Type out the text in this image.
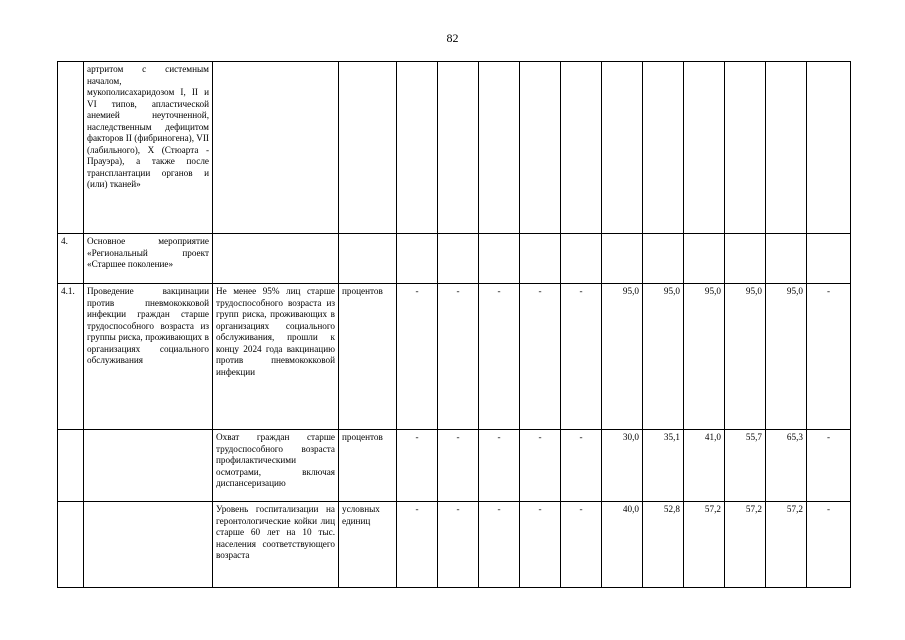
82
	артритом с системным началом, мукополисахаридозом I, II и VI типов, апластической анемией неуточненной, наследственным дефицитом факторов II (фибриногена), VII (лабильного), X (Стюарта - Прауэра), а также после трансплантации органов и (или) тканей»													
4.	Основное мероприятие «Региональный проект «Старшее поколение»													
4.1.	Проведение вакцинации против пневмококковой инфекции граждан старше трудоспособного возраста из группы риска, проживающих в организациях социального обслуживания	Не менее 95% лиц старше трудоспособного возраста из групп риска, проживающих в организациях социального обслуживания, прошли к концу 2024 года вакцинацию против пневмококковой инфекции	процентов	-	-	-	-	-	95,0	95,0	95,0	95,0	95,0	-
		Охват граждан старше трудоспособного возраста профилактическими осмотрами, включая диспансеризацию	процентов	-	-	-	-	-	30,0	35,1	41,0	55,7	65,3	-
		Уровень госпитализации на геронтологические койки лиц старше 60 лет на 10 тыс. населения соответствующего возраста	условных единиц	-	-	-	-	-	40,0	52,8	57,2	57,2	57,2	-
